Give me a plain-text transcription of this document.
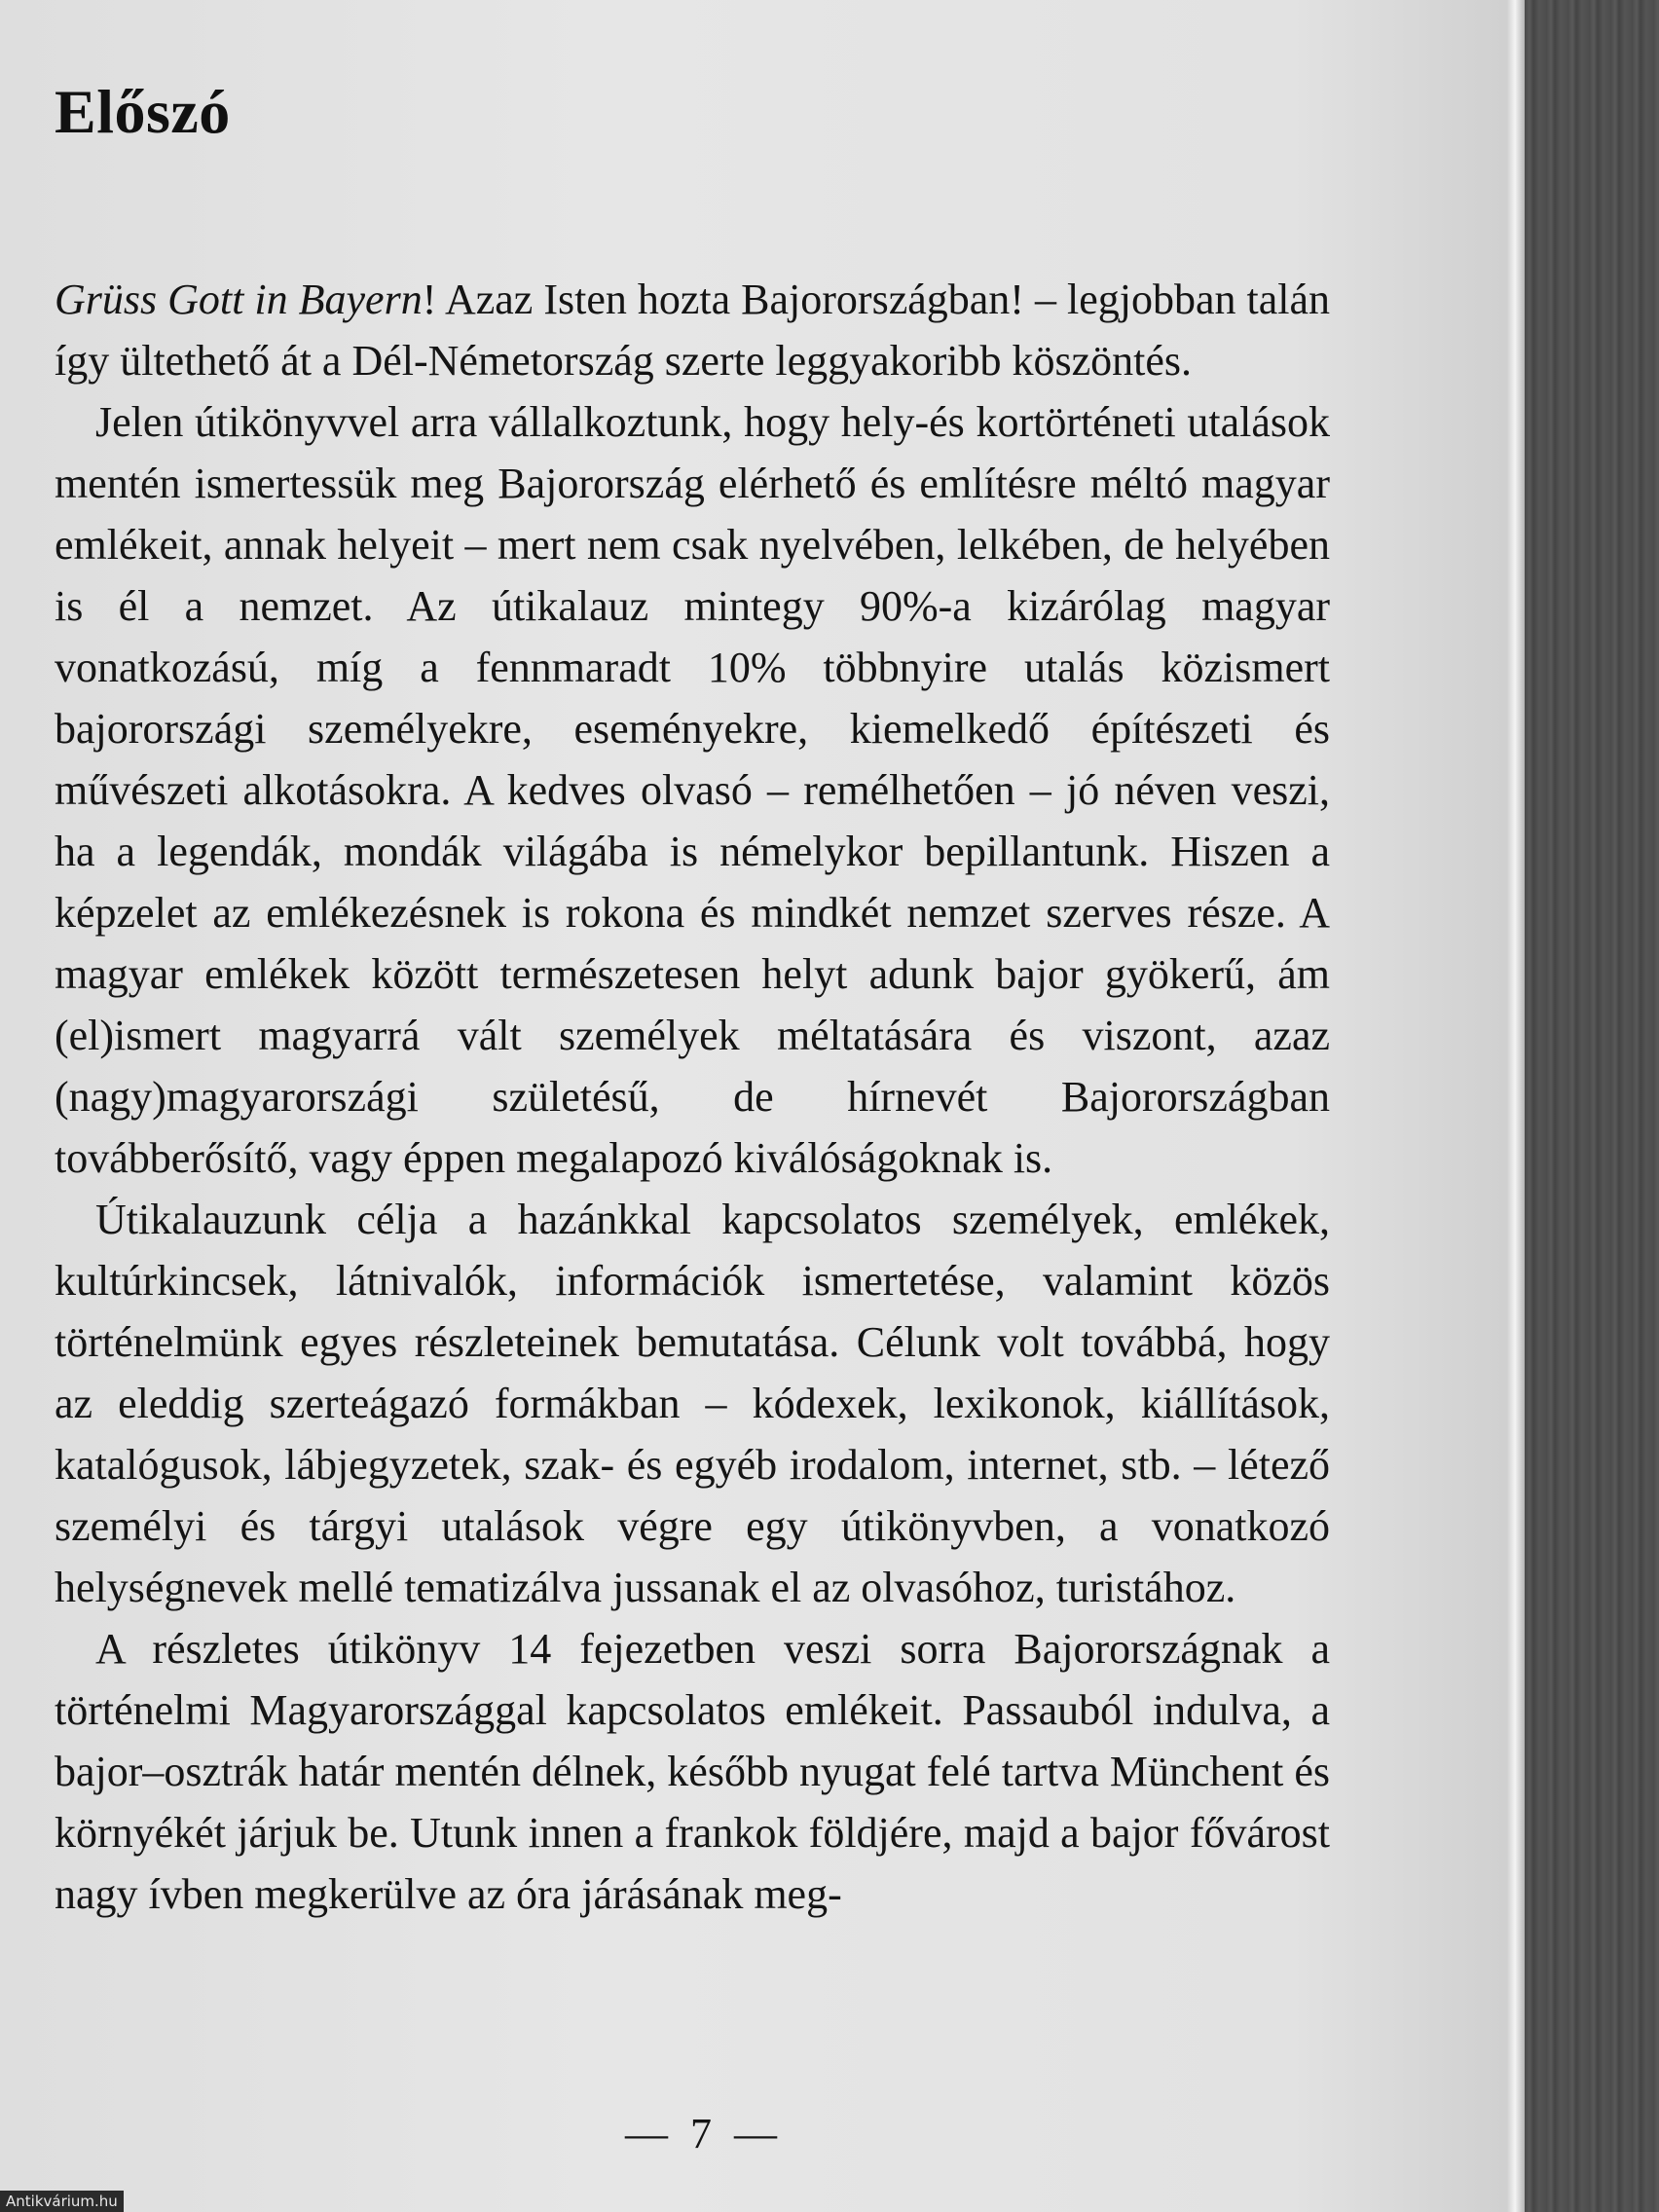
Előszó

Grüss Gott in Bayern! Azaz Isten hozta Bajorországban! – legjobban talán így ültethető át a Dél-Németország szerte leggyakoribb köszöntés.

Jelen útikönyvvel arra vállalkoztunk, hogy hely-és kortörténeti utalások mentén ismertessük meg Bajorország elérhető és említésre méltó magyar emlékeit, annak helyeit – mert nem csak nyelvében, lelkében, de helyében is él a nemzet. Az útikalauz mintegy 90%-a kizárólag magyar vonatkozású, míg a fennmaradt 10% többnyire utalás közismert bajorországi személyekre, eseményekre, kiemelkedő építészeti és művészeti alkotásokra. A kedves olvasó – remélhetően – jó néven veszi, ha a legendák, mondák világába is némelykor bepillantunk. Hiszen a képzelet az emlékezésnek is rokona és mindkét nemzet szerves része. A magyar emlékek között természetesen helyt adunk bajor gyökerű, ám (el)ismert magyarrá vált személyek méltatására és viszont, azaz (nagy)magyarországi születésű, de hírnevét Bajorországban továbberősítő, vagy éppen megalapozó kiválóságoknak is.

Útikalauzunk célja a hazánkkal kapcsolatos személyek, emlékek, kultúrkincsek, látnivalók, információk ismertetése, valamint közös történelmünk egyes részleteinek bemutatása. Célunk volt továbbá, hogy az eleddig szerteágazó formákban – kódexek, lexikonok, kiállítások, katalógusok, lábjegyzetek, szak- és egyéb irodalom, internet, stb. – létező személyi és tárgyi utalások végre egy útikönyvben, a vonatkozó helységnevek mellé tematizálva jussanak el az olvasóhoz, turistához.

A részletes útikönyv 14 fejezetben veszi sorra Bajorországnak a történelmi Magyarországgal kapcsolatos emlékeit. Passauból indulva, a bajor–osztrák határ mentén délnek, később nyugat felé tartva Münchent és környékét járjuk be. Utunk innen a frankok földjére, majd a bajor fővárost nagy ívben megkerülve az óra járásának meg-

— 7 —
Antikvárium.hu
